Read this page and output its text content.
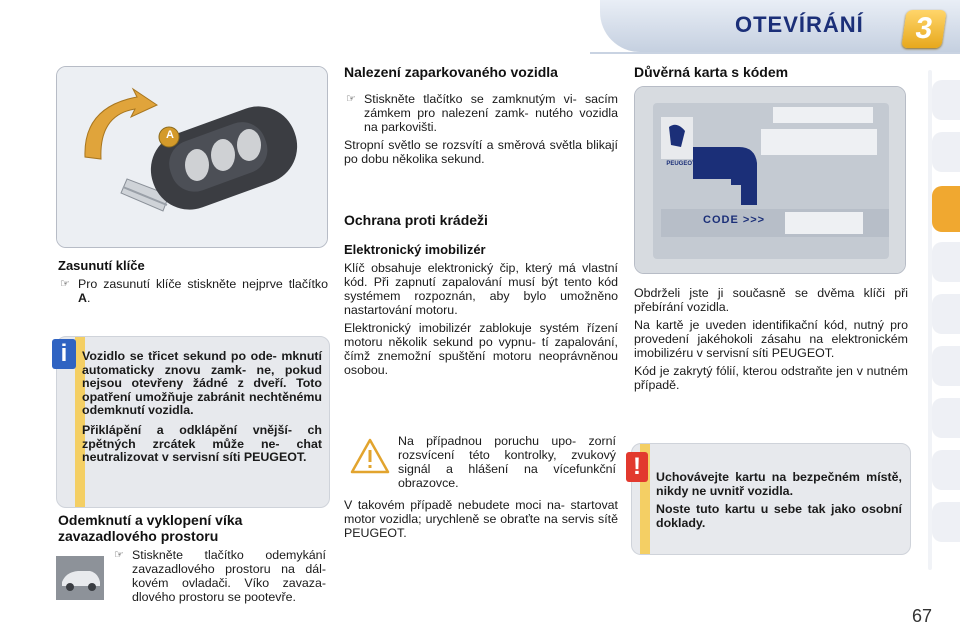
OTEVÍRÁNÍ	3
A
Zasunutí klíče

☞ Pro zasunutí klíče stiskněte nejprve tlačítko A.

i	Vozidlo se třicet sekund po ode- mknutí automaticky znovu zamk- ne, pokud nejsou otevřeny žádné z dveří. Toto opatření umožňuje zabránit nechtěnému odemknutí vozidla.

Přiklápění a odklápění vnější- ch zpětných zrcátek může ne- chat neutralizovat v servisní síti PEUGEOT.

Odemknutí a vyklopení víka zavazadlového prostoru

☞ Stiskněte tlačítko odemykání zavazadlového prostoru na dál- kovém ovladači. Víko zavaza- dlového prostoru se pootevře.

Nalezení zaparkovaného vozidla

☞ Stiskněte tlačítko se zamknutým vi- sacím zámkem pro nalezení zamk- nutého vozidla na parkovišti.

Stropní světlo se rozsvítí a směrová světla blikají po dobu několika sekund.

Ochrana proti krádeži
Elektronický imobilizér

Klíč obsahuje elektronický čip, který má vlastní kód. Při zapnutí zapalování musí být tento kód systémem rozpoznán, aby bylo umožněno nastartování motoru.

Elektronický imobilizér zablokuje systém řízení motoru několik sekund po vypnu- tí zapalování, čímž znemožní spuštění motoru neoprávněnou osobou.

Na případnou poruchu upo- zorní rozsvícení této kontrolky, zvukový signál a hlášení na vícefunkční obrazovce.

V takovém případě nebudete moci na- startovat motor vozidla; urychleně se obraťte na servis sítě PEUGEOT.

Důvěrná karta s kódem
PEUGEOT
CODE >>>

Obdrželi jste ji současně se dvěma klíči při přebírání vozidla.

Na kartě je uveden identifikační kód, nutný pro provedení jakéhokoli zásahu na elektronickém imobilizéru v servisní síti PEUGEOT.

Kód je zakrytý fólií, kterou odstraňte jen v nutném případě.

!	Uchovávejte kartu na bezpečném místě, nikdy ne uvnitř vozidla.

Noste tuto kartu u sebe tak jako osobní doklady.

67
